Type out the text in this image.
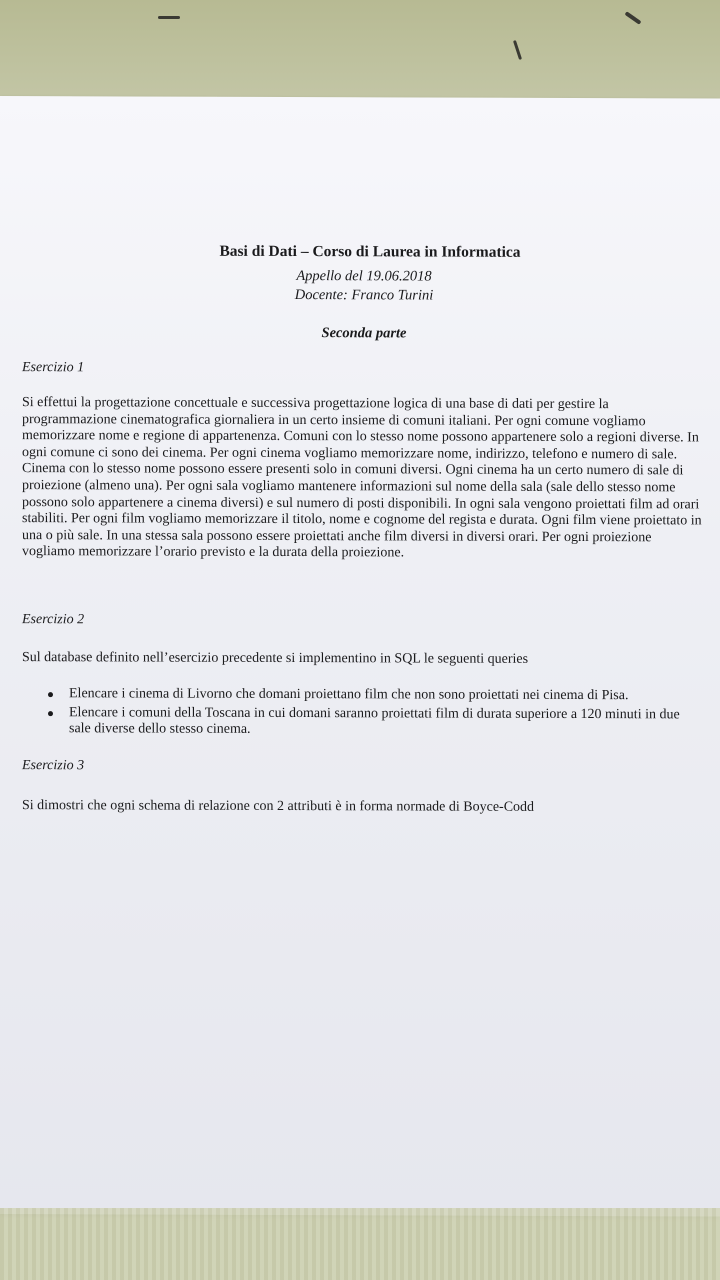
Basi di Dati – Corso di Laurea in Informatica
Appello del 19.06.2018
Docente: Franco Turini
Seconda parte
Esercizio 1
Si effettui la progettazione concettuale e successiva progettazione logica di una base di dati per gestire la programmazione cinematografica giornaliera in un certo insieme di comuni italiani. Per ogni comune vogliamo memorizzare nome e regione di appartenenza. Comuni con lo stesso nome possono appartenere solo a regioni diverse. In ogni comune ci sono dei cinema. Per ogni cinema vogliamo memorizzare nome, indirizzo, telefono e numero di sale. Cinema con lo stesso nome possono essere presenti solo in comuni diversi. Ogni cinema ha un certo numero di sale di proiezione (almeno una). Per ogni sala vogliamo mantenere informazioni sul nome della sala (sale dello stesso nome possono solo appartenere a cinema diversi) e sul numero di posti disponibili. In ogni sala vengono proiettati film ad orari stabiliti. Per ogni film vogliamo memorizzare il titolo, nome e cognome del regista e durata. Ogni film viene proiettato in una o più sale. In una stessa sala possono essere proiettati anche film diversi in diversi orari. Per ogni proiezione vogliamo memorizzare l’orario previsto e la durata della proiezione.
Esercizio 2
Sul database definito nell’esercizio precedente si implementino in SQL le seguenti queries
Elencare i cinema di Livorno che domani proiettano film che non sono proiettati nei cinema di Pisa.
Elencare i comuni della Toscana in cui domani saranno proiettati film di durata superiore a 120 minuti in due sale diverse dello stesso cinema.
Esercizio 3
Si dimostri che ogni schema di relazione con 2 attributi è in forma normade di Boyce-Codd
